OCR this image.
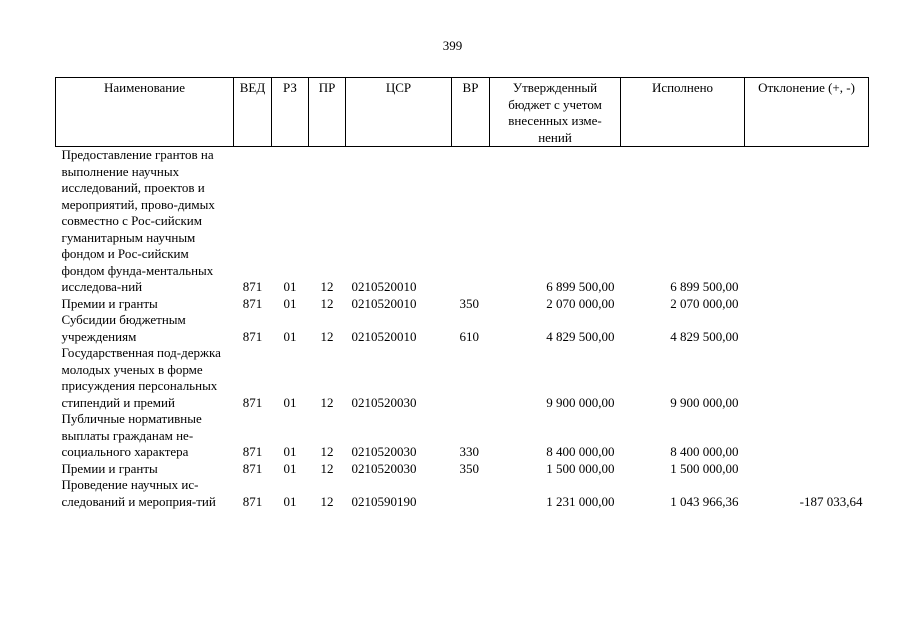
399
Наименование	ВЕД	РЗ	ПР	ЦСР	ВР	Утвержденный бюджет с учетом внесенных изме-нений	Исполнено	Отклонение (+, -)
Предоставление грантов на выполнение научных исследований, проектов и мероприятий, прово-димых совместно с Рос-сийским гуманитарным научным фондом и Рос-сийским фондом фунда-ментальных исследова-ний	871	01	12	0210520010		6 899 500,00	6 899 500,00	
Премии и гранты	871	01	12	0210520010	350	2 070 000,00	2 070 000,00	
Субсидии бюджетным учреждениям	871	01	12	0210520010	610	4 829 500,00	4 829 500,00	
Государственная под-держка молодых ученых в форме присуждения персональных стипендий и премий	871	01	12	0210520030		9 900 000,00	9 900 000,00	
Публичные нормативные выплаты гражданам не-социального характера	871	01	12	0210520030	330	8 400 000,00	8 400 000,00	
Премии и гранты	871	01	12	0210520030	350	1 500 000,00	1 500 000,00	
Проведение научных ис-следований и мероприя-тий	871	01	12	0210590190		1 231 000,00	1 043 966,36	-187 033,64
